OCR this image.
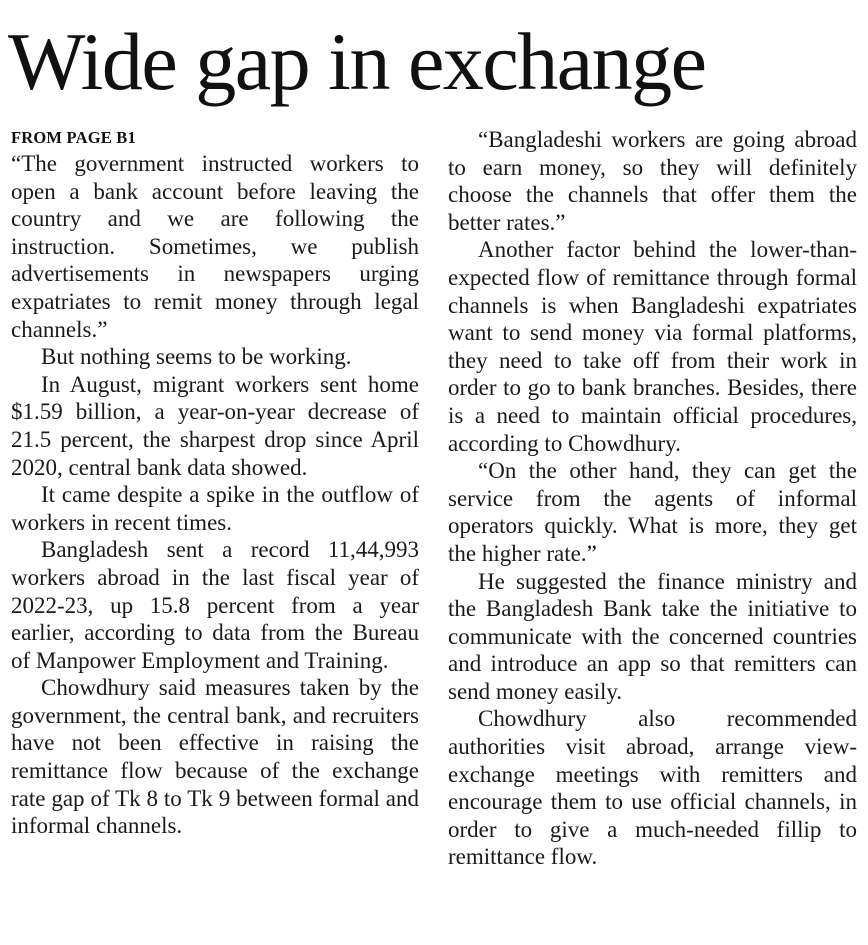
Wide gap in exchange
FROM PAGE B1

“The government instructed workers to open a bank account before leaving the country and we are following the instruction. Sometimes, we publish advertisements in newspapers urging expatriates to remit money through legal channels.”

But nothing seems to be working.

In August, migrant workers sent home $1.59 billion, a year-on-year decrease of 21.5 percent, the sharpest drop since April 2020, central bank data showed.

It came despite a spike in the outflow of workers in recent times.

Bangladesh sent a record 11,44,993 workers abroad in the last fiscal year of 2022-23, up 15.8 percent from a year earlier, according to data from the Bureau of Manpower Employment and Training.

Chowdhury said measures taken by the government, the central bank, and recruiters have not been effective in raising the remittance flow because of the exchange rate gap of Tk 8 to Tk 9 between formal and informal channels.

“Bangladeshi workers are going abroad to earn money, so they will definitely choose the channels that offer them the better rates.”

Another factor behind the lower-than-expected flow of remittance through formal channels is when Bangladeshi expatriates want to send money via formal platforms, they need to take off from their work in order to go to bank branches. Besides, there is a need to maintain official procedures, according to Chowdhury.

“On the other hand, they can get the service from the agents of informal operators quickly. What is more, they get the higher rate.”

He suggested the finance ministry and the Bangladesh Bank take the initiative to communicate with the concerned countries and introduce an app so that remitters can send money easily.

Chowdhury also recommended authorities visit abroad, arrange view-exchange meetings with remitters and encourage them to use official channels, in order to give a much-needed fillip to remittance flow.
